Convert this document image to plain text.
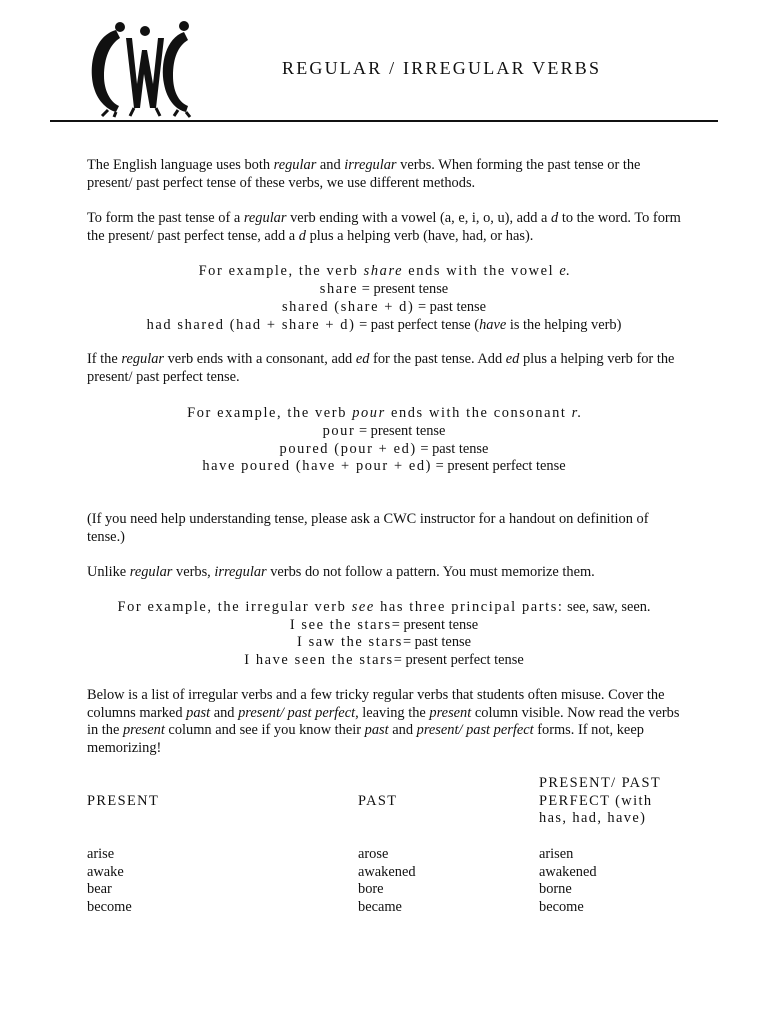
REGULAR / IRREGULAR VERBS

The English language uses both regular and irregular verbs. When forming the past tense or the present/ past perfect tense of these verbs, we use different methods.

To form the past tense of a regular verb ending with a vowel (a, e, i, o, u), add a d to the word. To form the present/ past perfect tense, add a d plus a helping verb (have, had, or has).

For example, the verb share ends with the vowel e.
share = present tense
shared (share + d) = past tense
had shared (had + share + d) = past perfect tense (have is the helping verb)

If the regular verb ends with a consonant, add ed for the past tense. Add ed plus a helping verb for the present/ past perfect tense.

For example, the verb pour ends with the consonant r.
pour = present tense
poured (pour + ed) = past tense
have poured (have + pour + ed) = present perfect tense

(If you need help understanding tense, please ask a CWC instructor for a handout on definition of tense.)

Unlike regular verbs, irregular verbs do not follow a pattern. You must memorize them.

For example, the irregular verb see has three principal parts: see, saw, seen.
I see the stars= present tense
I saw the stars= past tense
I have seen the stars= present perfect tense

Below is a list of irregular verbs and a few tricky regular verbs that students often misuse. Cover the columns marked past and present/ past perfect, leaving the present column visible. Now read the verbs in the present column and see if you know their past and present/ past perfect forms. If not, keep memorizing!

PRESENT	PAST
PRESENT/ PAST
PERFECT (with
has, had, have)
arise
awake
bear
become
arose
awakened
bore
became
arisen
awakened
borne
become
